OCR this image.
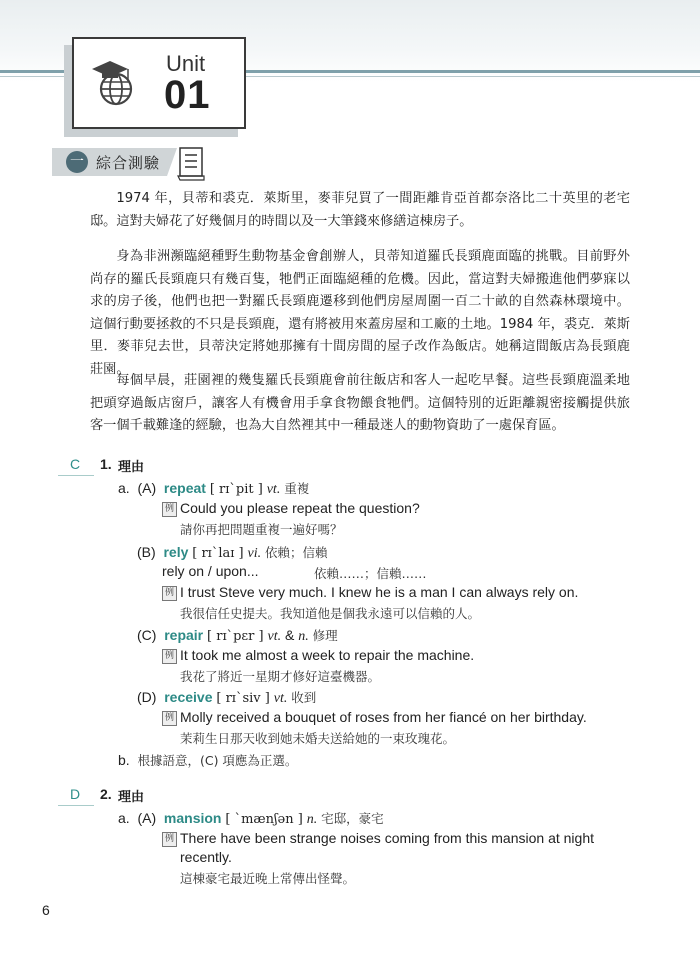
Unit
01
一 綜合測驗
1974 年，貝蒂和裘克．萊斯里，麥菲兒買了一間距離肯亞首都奈洛比二十英里的老宅邸。這對夫婦花了好幾個月的時間以及一大筆錢來修繕這棟房子。
身為非洲瀕臨絕種野生動物基金會創辦人，貝蒂知道羅氏長頸鹿面臨的挑戰。目前野外尚存的羅氏長頸鹿只有幾百隻，牠們正面臨絕種的危機。因此，當這對夫婦搬進他們夢寐以求的房子後，他們也把一對羅氏長頸鹿遷移到他們房屋周圍一百二十畝的自然森林環境中。這個行動要拯救的不只是長頸鹿，還有將被用來蓋房屋和工廠的土地。1984 年，裘克．萊斯里．麥菲兒去世，貝蒂決定將她那擁有十間房間的屋子改作為飯店。她稱這間飯店為長頸鹿莊園。
每個早晨，莊園裡的幾隻羅氏長頸鹿會前往飯店和客人一起吃早餐。這些長頸鹿溫柔地把頭穿過飯店窗戶，讓客人有機會用手拿食物餵食牠們。這個特別的近距離親密接觸提供旅客一個千載難逢的經驗，也為大自然裡其中一種最迷人的動物資助了一處保育區。
C 1. 理由
a. (A) repeat [ rɪˋpit ] vt. 重複
例 Could you please repeat the question?
請你再把問題重複一遍好嗎？
(B) rely [ rɪˋlaɪ ] vi. 依賴；信賴
rely on / upon...	依賴……；信賴……
例 I trust Steve very much. I knew he is a man I can always rely on.
我很信任史提夫。我知道他是個我永遠可以信賴的人。
(C) repair [ rɪˋpɛr ] vt. & n. 修理
例 It took me almost a week to repair the machine.
我花了將近一星期才修好這臺機器。
(D) receive [ rɪˋsiv ] vt. 收到
例 Molly received a bouquet of roses from her fiancé on her birthday.
茉莉生日那天收到她未婚夫送給她的一束玫瑰花。
b. 根據語意，(C) 項應為正選。
D 2. 理由
a. (A) mansion [ ˋmænʃən ] n. 宅邸，豪宅
例 There have been strange noises coming from this mansion at night
recently.
這棟豪宅最近晚上常傳出怪聲。
6
